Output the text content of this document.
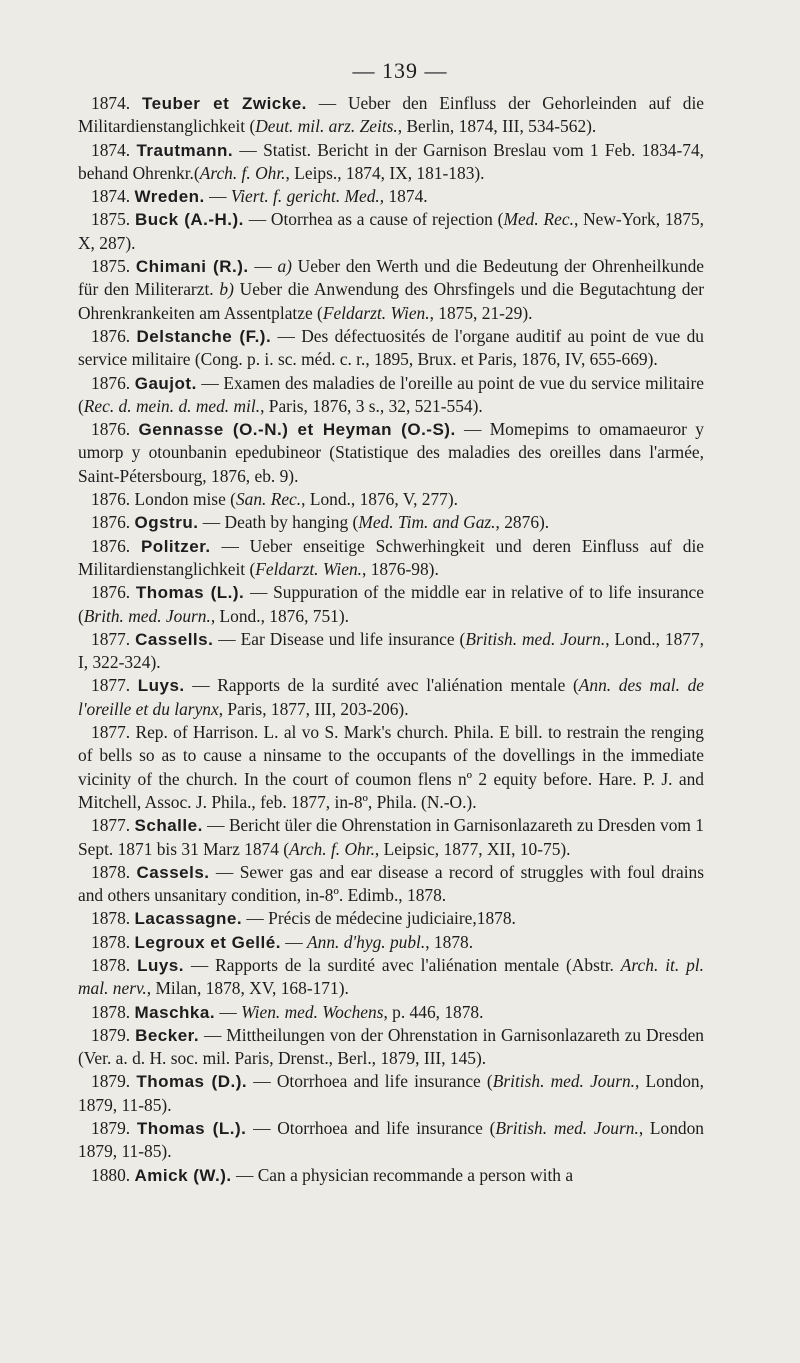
— 139 —

1874. Teuber et Zwicke. — Ueber den Einfluss der Gehorleinden auf die Militardienstanglichkeit (Deut. mil. arz. Zeits., Berlin, 1874, III, 534-562).

1874. Trautmann. — Statist. Bericht in der Garnison Breslau vom 1 Feb. 1834-74, behand Ohrenkr.(Arch. f. Ohr., Leips., 1874, IX, 181-183).

1874. Wreden. — Viert. f. gericht. Med., 1874.

1875. Buck (A.-H.). — Otorrhea as a cause of rejection (Med. Rec., New-York, 1875, X, 287).

1875. Chimani (R.). — a) Ueber den Werth und die Bedeutung der Ohrenheilkunde für den Militerarzt. b) Ueber die Anwendung des Ohrsfingels und die Begutachtung der Ohrenkrankeiten am Assentplatze (Feldarzt. Wien., 1875, 21-29).

1876. Delstanche (F.). — Des défectuosités de l'organe auditif au point de vue du service militaire (Cong. p. i. sc. méd. c. r., 1895, Brux. et Paris, 1876, IV, 655-669).

1876. Gaujot. — Examen des maladies de l'oreille au point de vue du service militaire (Rec. d. mein. d. med. mil., Paris, 1876, 3 s., 32, 521-554).

1876. Gennasse (O.-N.) et Heyman (O.-S). — Momepims to omamaeuror y umorp y otounbanin epedubineor (Statistique des maladies des oreilles dans l'armée, Saint-Pétersbourg, 1876, eb. 9).

1876. London mise (San. Rec., Lond., 1876, V, 277).

1876. Ogstru. — Death by hanging (Med. Tim. and Gaz., 2876).

1876. Politzer. — Ueber enseitige Schwerhingkeit und deren Einfluss auf die Militardienstanglichkeit (Feldarzt. Wien., 1876-98).

1876. Thomas (L.). — Suppuration of the middle ear in relative of to life insurance (Brith. med. Journ., Lond., 1876, 751).

1877. Cassells. — Ear Disease und life insurance (British. med. Journ., Lond., 1877, I, 322-324).

1877. Luys. — Rapports de la surdité avec l'aliénation mentale (Ann. des mal. de l'oreille et du larynx, Paris, 1877, III, 203-206).

1877. Rep. of Harrison. L. al vo S. Mark's church. Phila. E bill. to restrain the renging of bells so as to cause a ninsame to the occupants of the dovellings in the immediate vicinity of the church. In the court of coumon flens nº 2 equity before. Hare. P. J. and Mitchell, Assoc. J. Phila., feb. 1877, in-8º, Phila. (N.-O.).

1877. Schalle. — Bericht üler die Ohrenstation in Garnisonlazareth zu Dresden vom 1 Sept. 1871 bis 31 Marz 1874 (Arch. f. Ohr., Leipsic, 1877, XII, 10-75).

1878. Cassels. — Sewer gas and ear disease a record of struggles with foul drains and others unsanitary condition, in-8º. Edimb., 1878.

1878. Lacassagne. — Précis de médecine judiciaire,1878.

1878. Legroux et Gellé. — Ann. d'hyg. publ., 1878.

1878. Luys. — Rapports de la surdité avec l'aliénation mentale (Abstr. Arch. it. pl. mal. nerv., Milan, 1878, XV, 168-171).

1878. Maschka. — Wien. med. Wochens, p. 446, 1878.

1879. Becker. — Mittheilungen von der Ohrenstation in Garnisonlazareth zu Dresden (Ver. a. d. H. soc. mil. Paris, Drenst., Berl., 1879, III, 145).

1879. Thomas (D.). — Otorrhoea and life insurance (British. med. Journ., London, 1879, 11-85).

1879. Thomas (L.). — Otorrhoea and life insurance (British. med. Journ., London 1879, 11-85).

1880. Amick (W.). — Can a physician recommande a person with a
